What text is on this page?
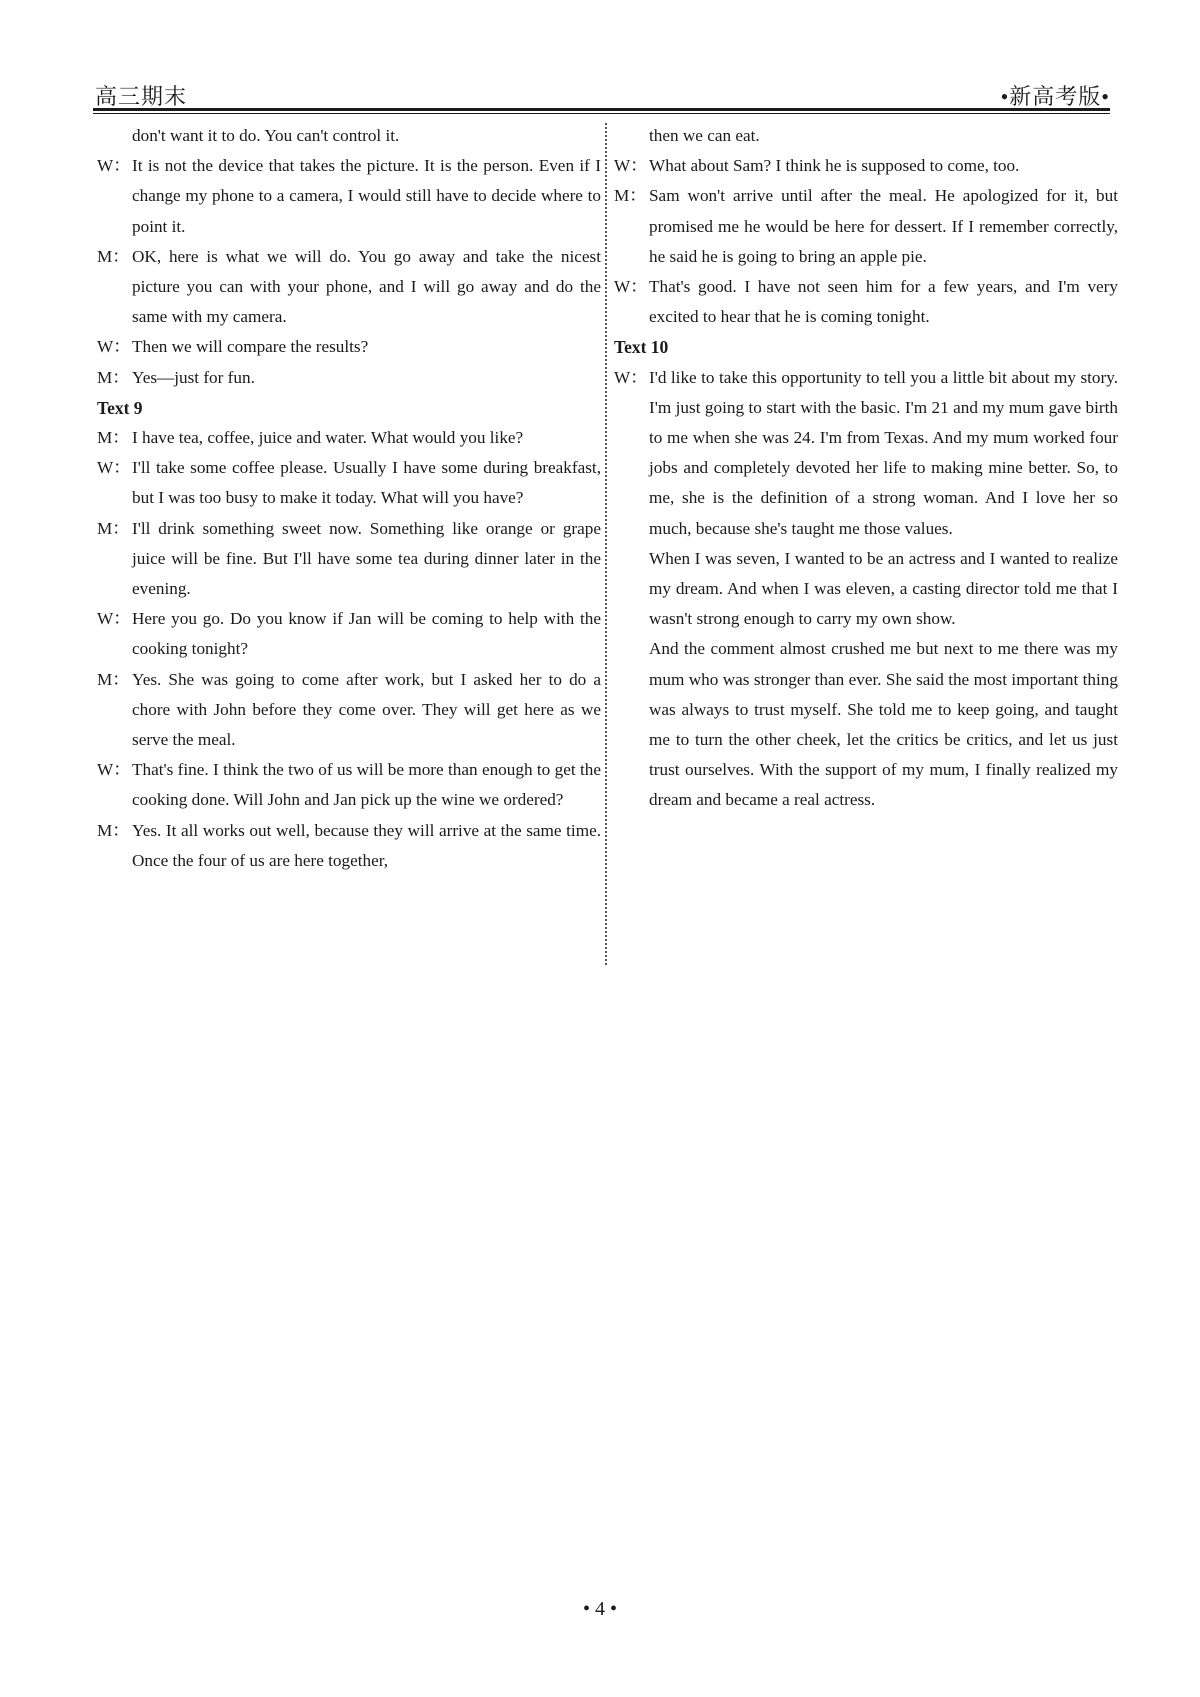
高三期末	•新高考版•
don't want it to do. You can't control it.
W： It is not the device that takes the picture. It is the person. Even if I change my phone to a camera, I would still have to decide where to point it.
M： OK, here is what we will do. You go away and take the nicest picture you can with your phone, and I will go away and do the same with my camera.
W： Then we will compare the results?
M： Yes—just for fun.
Text 9
M： I have tea, coffee, juice and water. What would you like?
W： I'll take some coffee please. Usually I have some during breakfast, but I was too busy to make it today. What will you have?
M： I'll drink something sweet now. Something like orange or grape juice will be fine. But I'll have some tea during dinner later in the evening.
W： Here you go. Do you know if Jan will be coming to help with the cooking tonight?
M： Yes. She was going to come after work, but I asked her to do a chore with John before they come over. They will get here as we serve the meal.
W： That's fine. I think the two of us will be more than enough to get the cooking done. Will John and Jan pick up the wine we ordered?
M： Yes. It all works out well, because they will arrive at the same time. Once the four of us are here together,
then we can eat.
W： What about Sam? I think he is supposed to come, too.
M： Sam won't arrive until after the meal. He apologized for it, but promised me he would be here for dessert. If I remember correctly, he said he is going to bring an apple pie.
W： That's good. I have not seen him for a few years, and I'm very excited to hear that he is coming tonight.
Text 10
W： I'd like to take this opportunity to tell you a little bit about my story. I'm just going to start with the basic. I'm 21 and my mum gave birth to me when she was 24. I'm from Texas. And my mum worked four jobs and completely devoted her life to making mine better. So, to me, she is the definition of a strong woman. And I love her so much, because she's taught me those values.
When I was seven, I wanted to be an actress and I wanted to realize my dream. And when I was eleven, a casting director told me that I wasn't strong enough to carry my own show.
And the comment almost crushed me but next to me there was my mum who was stronger than ever. She said the most important thing was always to trust myself. She told me to keep going, and taught me to turn the other cheek, let the critics be critics, and let us just trust ourselves. With the support of my mum, I finally realized my dream and became a real actress.
• 4 •
